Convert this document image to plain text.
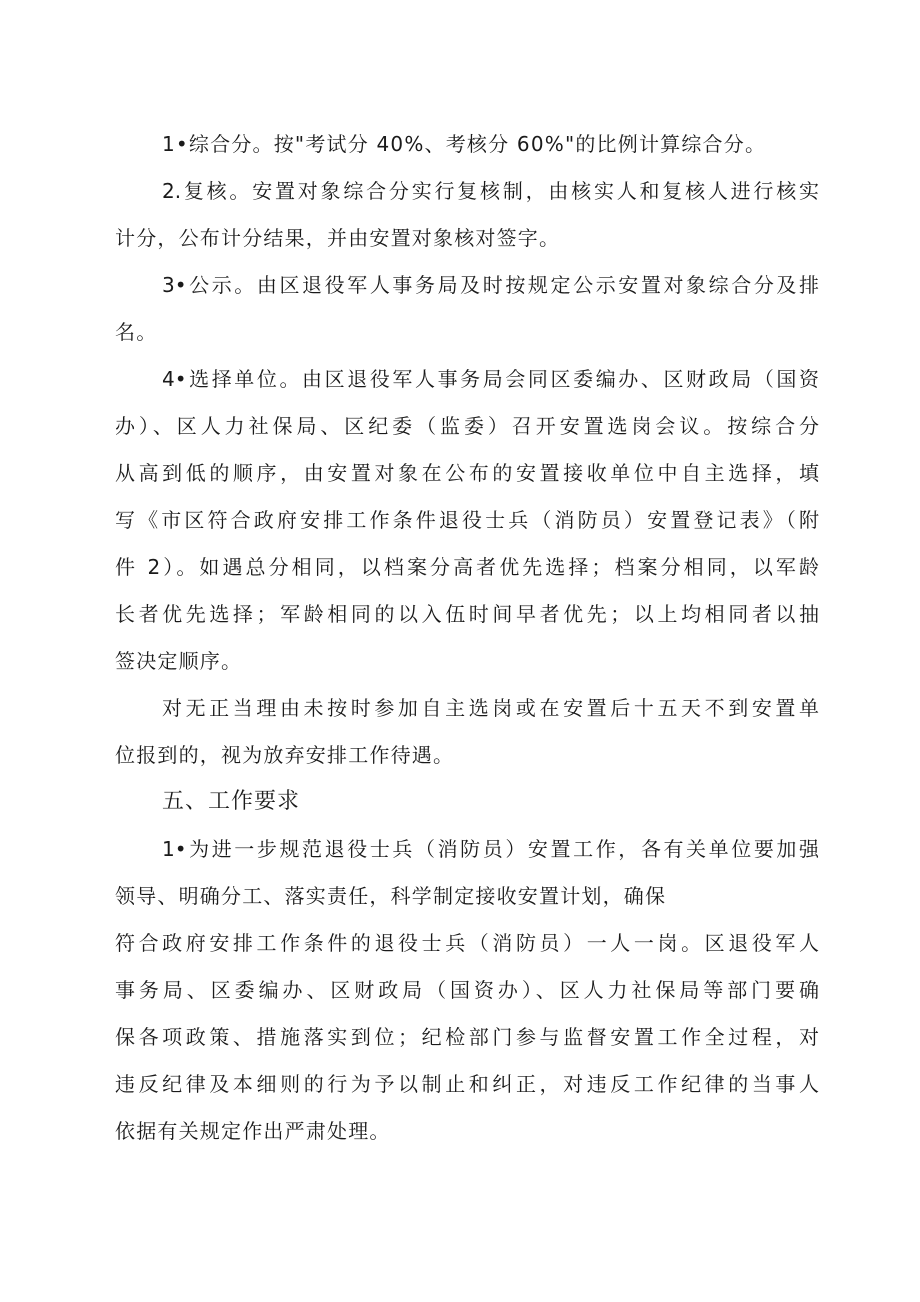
1•综合分。按"考试分 40%、考核分 60%"的比例计算综合分。
2.复核。安置对象综合分实行复核制，由核实人和复核人进行核实
计分，公布计分结果，并由安置对象核对签字。
3•公示。由区退役军人事务局及时按规定公示安置对象综合分及排
名。
4•选择单位。由区退役军人事务局会同区委编办、区财政局（国资
办）、区人力社保局、区纪委（监委）召开安置选岗会议。按综合分
从高到低的顺序，由安置对象在公布的安置接收单位中自主选择，填
写《市区符合政府安排工作条件退役士兵（消防员）安置登记表》（附
件 2）。如遇总分相同，以档案分高者优先选择；档案分相同，以军龄
长者优先选择；军龄相同的以入伍时间早者优先；以上均相同者以抽
签决定顺序。
对无正当理由未按时参加自主选岗或在安置后十五天不到安置单
位报到的，视为放弃安排工作待遇。
五、工作要求
1•为进一步规范退役士兵（消防员）安置工作，各有关单位要加强
领导、明确分工、落实责任，科学制定接收安置计划，确保
符合政府安排工作条件的退役士兵（消防员）一人一岗。区退役军人
事务局、区委编办、区财政局（国资办）、区人力社保局等部门要确
保各项政策、措施落实到位；纪检部门参与监督安置工作全过程，对
违反纪律及本细则的行为予以制止和纠正，对违反工作纪律的当事人
依据有关规定作出严肃处理。
